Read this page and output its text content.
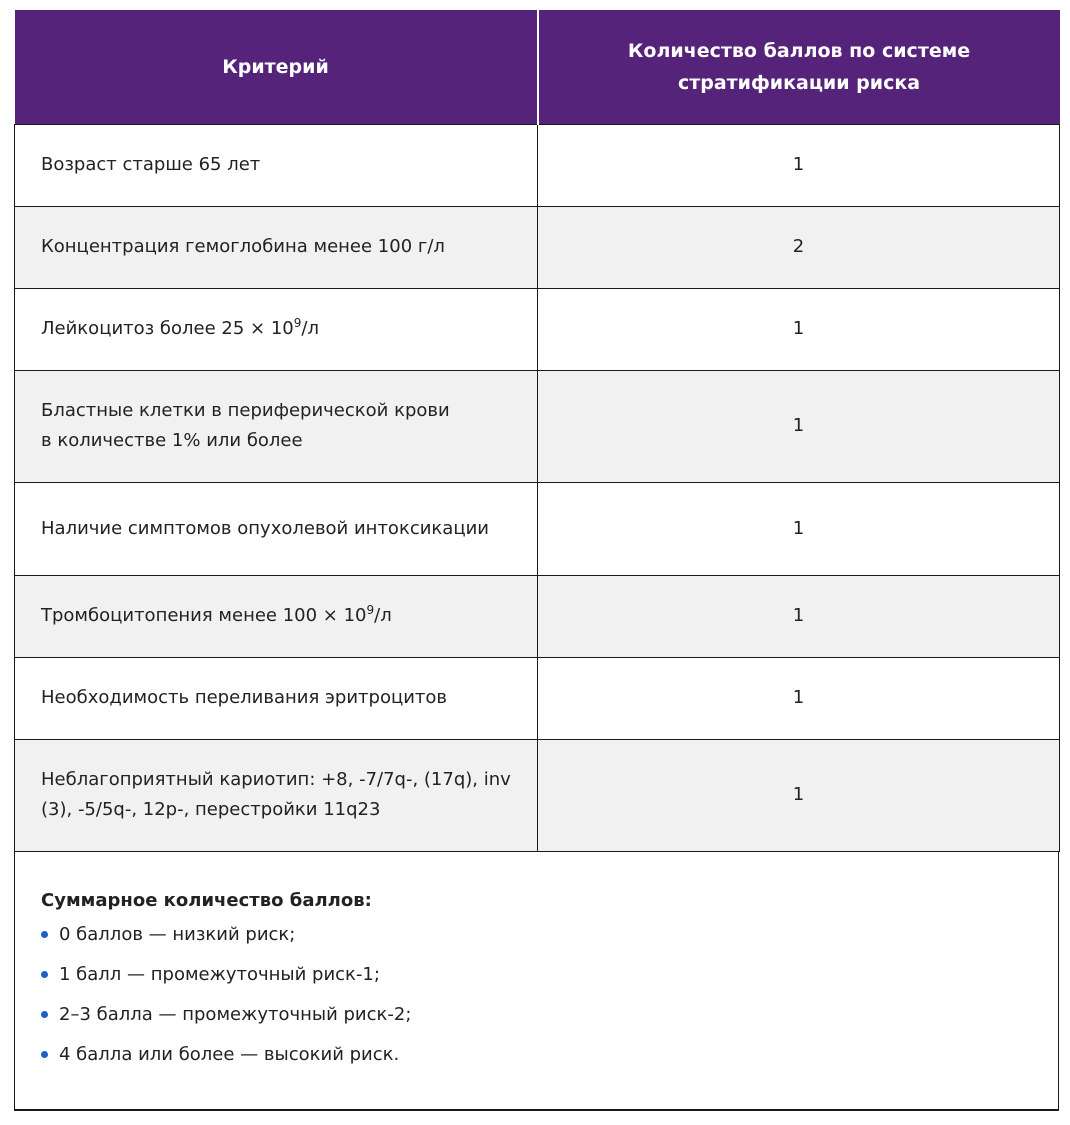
Критерий	Количество баллов по системе стратификации риска
Возраст старше 65 лет	1
Концентрация гемоглобина менее 100 г/л	2
Лейкоцитоз более $25 \times 10^9/л$	1

Бластные клетки в периферической крови
в количестве 1% или более	1
Наличие симптомов опухолевой интоксикации	1
Тромбоцитопения менее $100 \times 10^9/л$	1
Необходимость переливания эритроцитов	1

Неблагоприятный кариотип: +8, -7/7q-, (17q), inv
(3), -5/5q-, 12p-, перестройки 11q23	1
Суммарное количество баллов:
0 баллов — низкий риск;
1 балл — промежуточный риск-1;
2–3 балла — промежуточный риск-2;
4 балла или более — высокий риск.
